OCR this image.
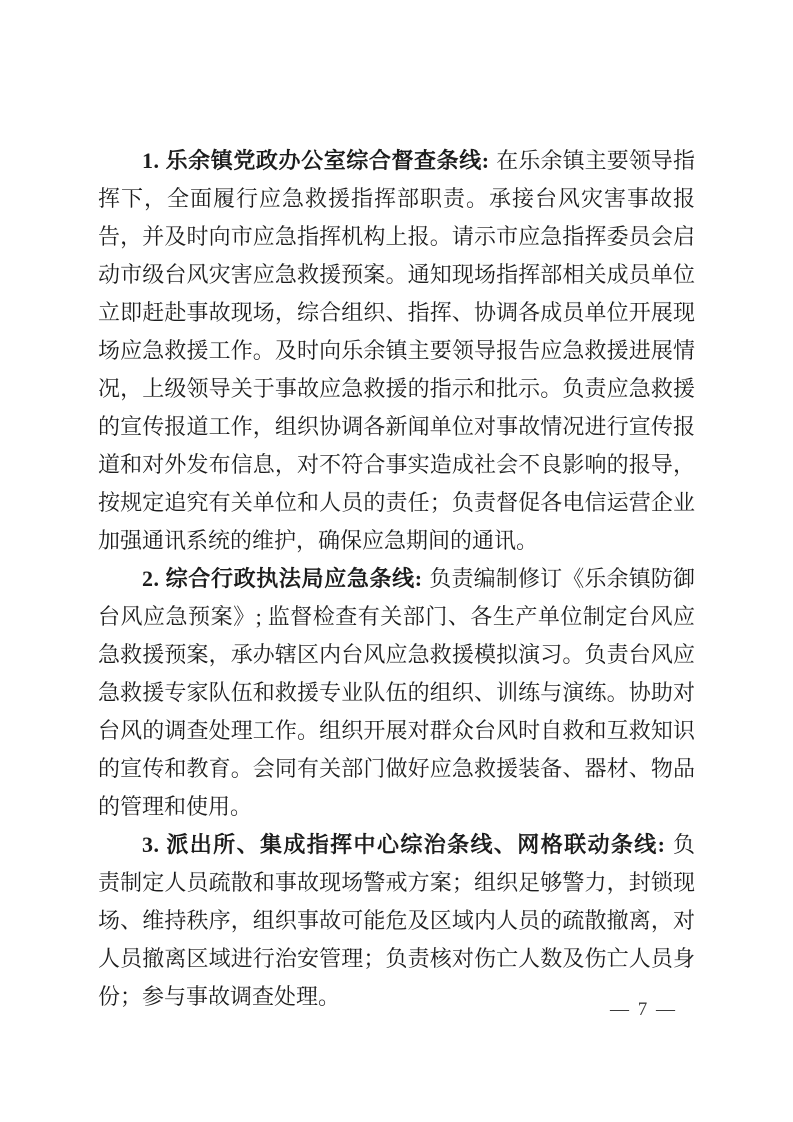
1. 乐余镇党政办公室综合督查条线: 在乐余镇主要领导指挥下，全面履行应急救援指挥部职责。承接台风灾害事故报告，并及时向市应急指挥机构上报。请示市应急指挥委员会启动市级台风灾害应急救援预案。通知现场指挥部相关成员单位立即赶赴事故现场，综合组织、指挥、协调各成员单位开展现场应急救援工作。及时向乐余镇主要领导报告应急救援进展情况，上级领导关于事故应急救援的指示和批示。负责应急救援的宣传报道工作，组织协调各新闻单位对事故情况进行宣传报道和对外发布信息，对不符合事实造成社会不良影响的报导，按规定追究有关单位和人员的责任；负责督促各电信运营企业加强通讯系统的维护，确保应急期间的通讯。

2. 综合行政执法局应急条线: 负责编制修订《乐余镇防御台风应急预案》; 监督检查有关部门、各生产单位制定台风应急救援预案，承办辖区内台风应急救援模拟演习。负责台风应急救援专家队伍和救援专业队伍的组织、训练与演练。协助对台风的调查处理工作。组织开展对群众台风时自救和互救知识的宣传和教育。会同有关部门做好应急救援装备、器材、物品的管理和使用。

3. 派出所、集成指挥中心综治条线、网格联动条线: 负责制定人员疏散和事故现场警戒方案；组织足够警力，封锁现场、维持秩序，组织事故可能危及区域内人员的疏散撤离，对人员撤离区域进行治安管理；负责核对伤亡人数及伤亡人员身份；参与事故调查处理。

— 7 —
